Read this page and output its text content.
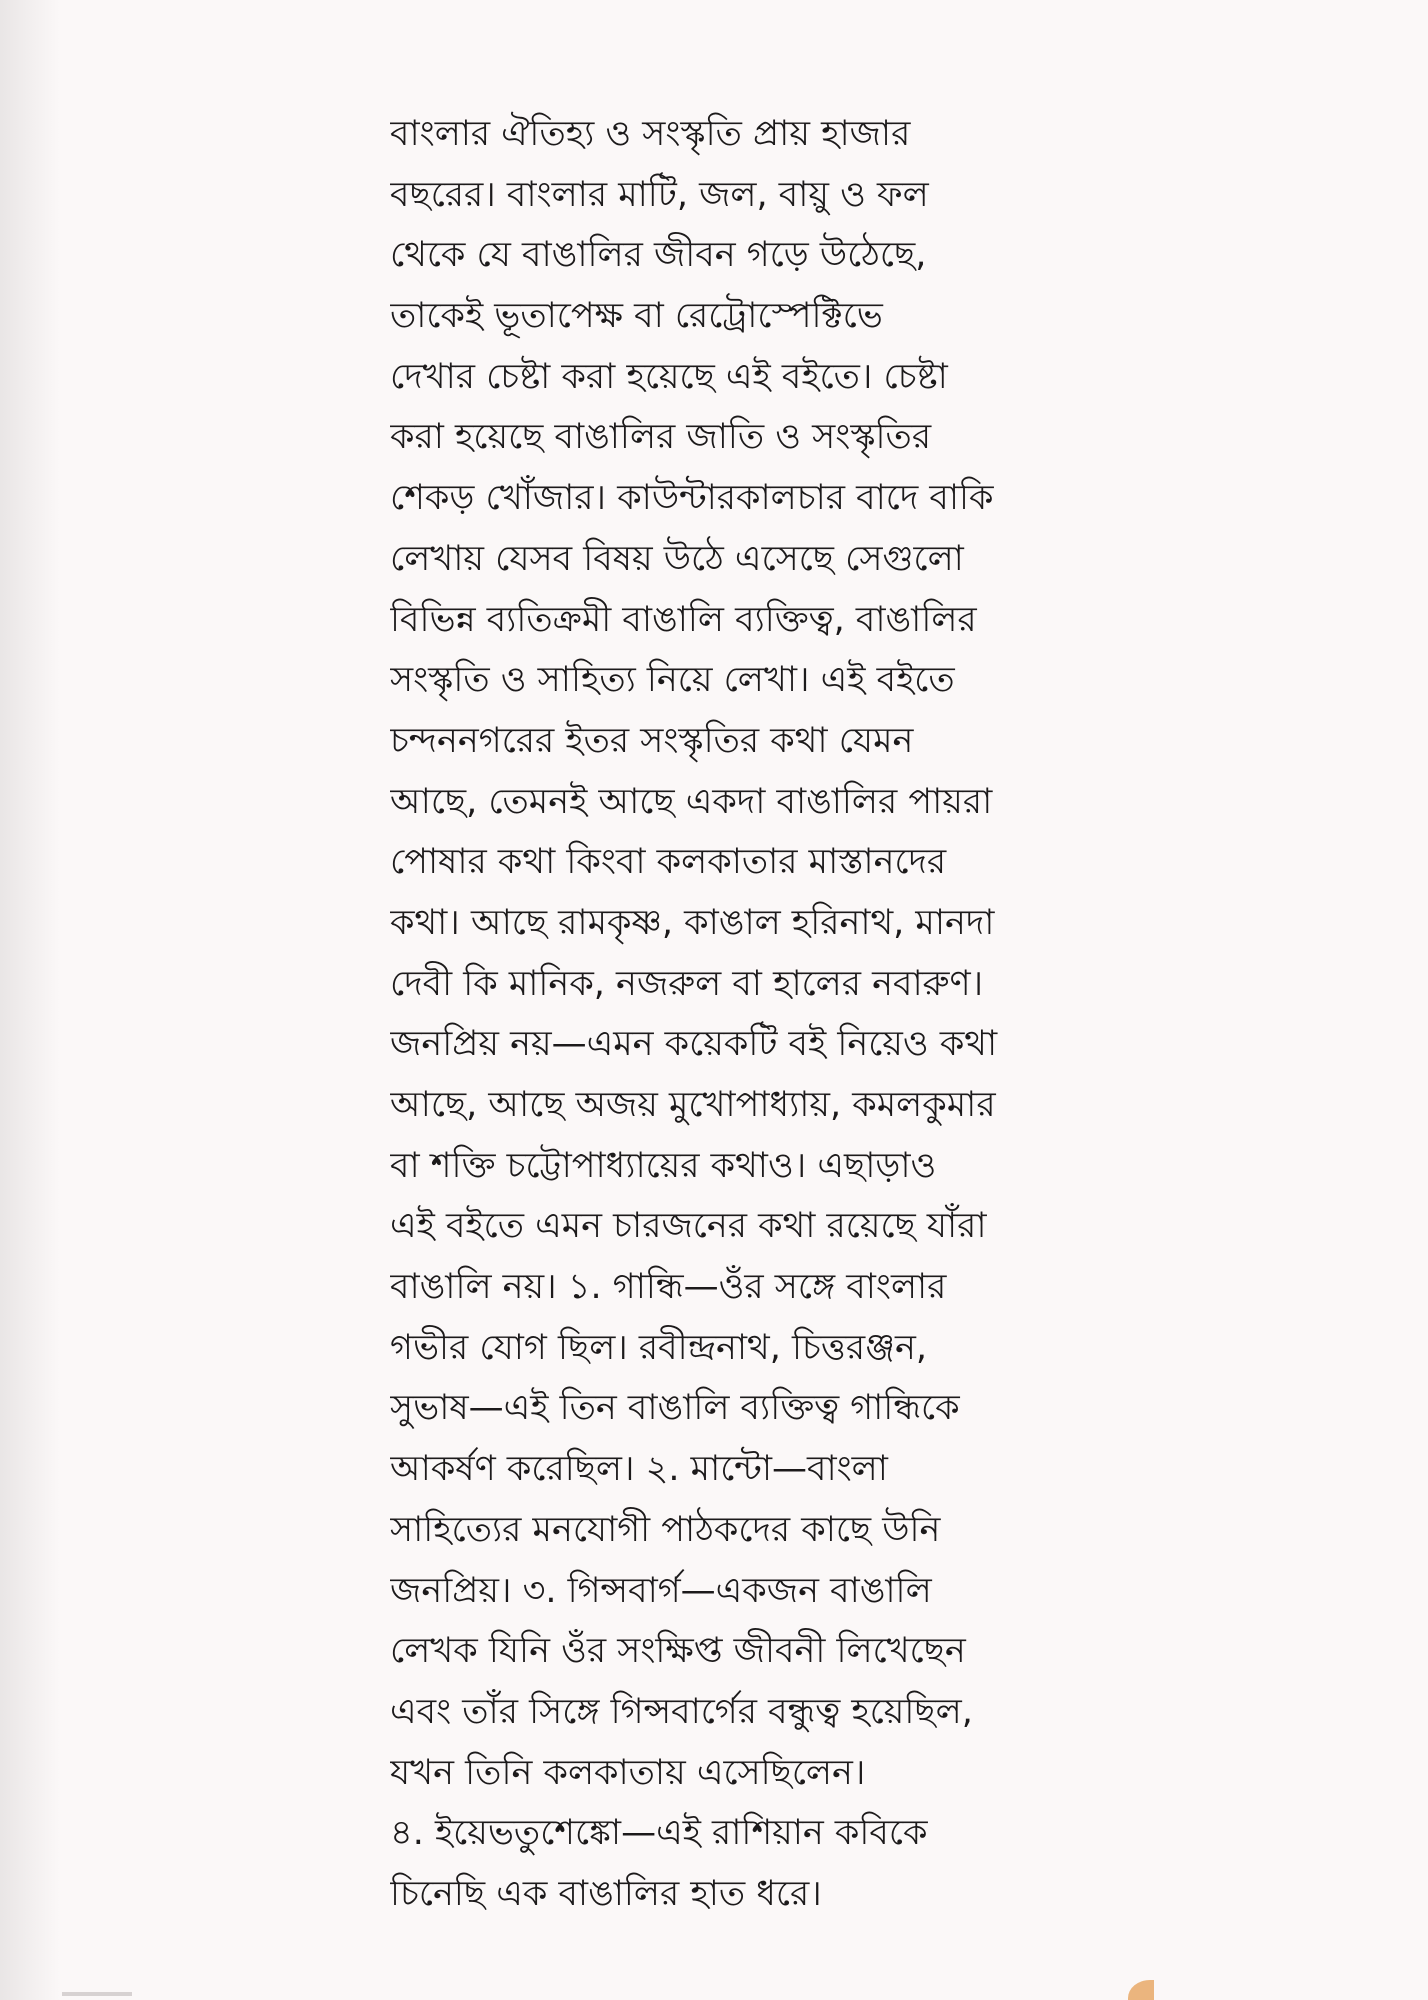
বাংলার ঐতিহ্য ও সংস্কৃতি প্রায় হাজার
বছরের। বাংলার মাটি, জল, বায়ু ও ফল
থেকে যে বাঙালির জীবন গড়ে উঠেছে,
তাকেই ভূতাপেক্ষ বা রেট্রোস্পেক্টিভে
দেখার চেষ্টা করা হয়েছে এই বইতে। চেষ্টা
করা হয়েছে বাঙালির জাতি ও সংস্কৃতির
শেকড় খোঁজার। কাউন্টারকালচার বাদে বাকি
লেখায় যেসব বিষয় উঠে এসেছে সেগুলো
বিভিন্ন ব্যতিক্রমী বাঙালি ব্যক্তিত্ব, বাঙালির
সংস্কৃতি ও সাহিত্য নিয়ে লেখা। এই বইতে
চন্দননগরের ইতর সংস্কৃতির কথা যেমন
আছে, তেমনই আছে একদা বাঙালির পায়রা
পোষার কথা কিংবা কলকাতার মাস্তানদের
কথা। আছে রামকৃষ্ণ, কাঙাল হরিনাথ, মানদা
দেবী কি মানিক, নজরুল বা হালের নবারুণ।
জনপ্রিয় নয়—এমন কয়েকটি বই নিয়েও কথা
আছে, আছে অজয় মুখোপাধ্যায়, কমলকুমার
বা শক্তি চট্টোপাধ্যায়ের কথাও। এছাড়াও
এই বইতে এমন চারজনের কথা রয়েছে যাঁরা
বাঙালি নয়। ১. গান্ধি—ওঁর সঙ্গে বাংলার
গভীর যোগ ছিল। রবীন্দ্রনাথ, চিত্তরঞ্জন,
সুভাষ—এই তিন বাঙালি ব্যক্তিত্ব গান্ধিকে
আকর্ষণ করেছিল। ২. মান্টো—বাংলা
সাহিত্যের মনযোগী পাঠকদের কাছে উনি
জনপ্রিয়। ৩. গিন্সবার্গ—একজন বাঙালি
লেখক যিনি ওঁর সংক্ষিপ্ত জীবনী লিখেছেন
এবং তাঁর সিঙ্গে গিন্সবার্গের বন্ধুত্ব হয়েছিল,
যখন তিনি কলকাতায় এসেছিলেন।
৪. ইয়েভতুশেঙ্কো—এই রাশিয়ান কবিকে
চিনেছি এক বাঙালির হাত ধরে।
